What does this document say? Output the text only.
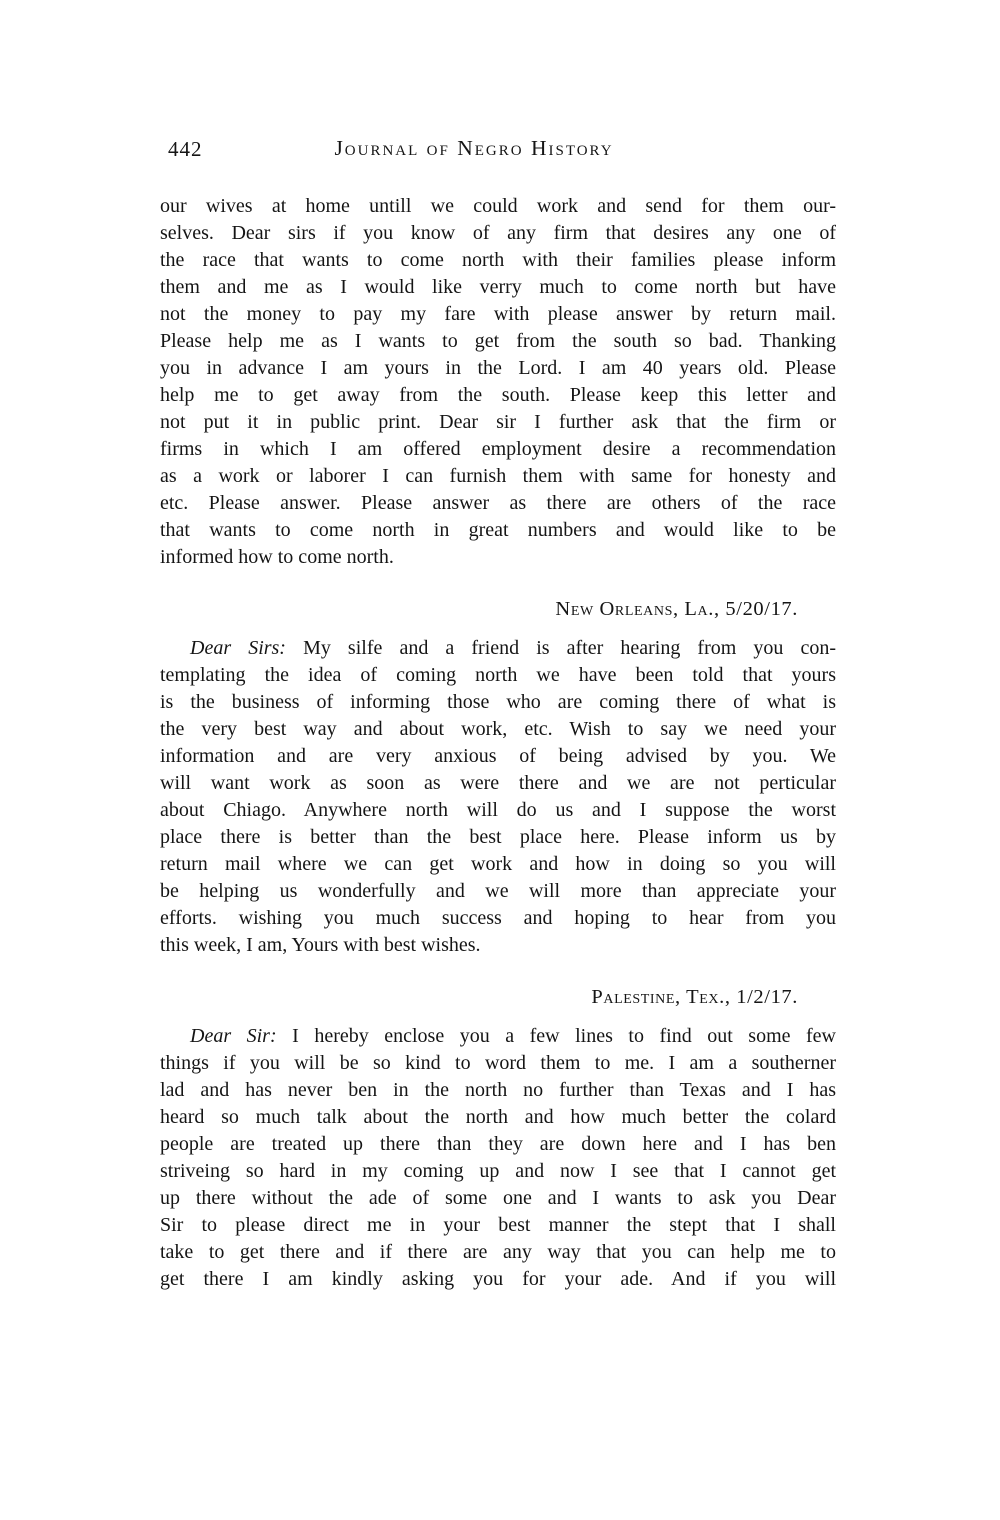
442	Journal of Negro History
our wives at home untill we could work and send for them our-
selves. Dear sirs if you know of any firm that desires any one of
the race that wants to come north with their families please inform
them and me as I would like verry much to come north but have
not the money to pay my fare with please answer by return mail.
Please help me as I wants to get from the south so bad. Thanking
you in advance I am yours in the Lord. I am 40 years old. Please
help me to get away from the south. Please keep this letter and
not put it in public print. Dear sir I further ask that the firm or
firms in which I am offered employment desire a recommendation
as a work or laborer I can furnish them with same for honesty and
etc. Please answer. Please answer as there are others of the race
that wants to come north in great numbers and would like to be
informed how to come north.
New Orleans, La., 5/20/17.
Dear Sirs: My silfe and a friend is after hearing from you con-
templating the idea of coming north we have been told that yours
is the business of informing those who are coming there of what is
the very best way and about work, etc. Wish to say we need your
information and are very anxious of being advised by you. We
will want work as soon as were there and we are not perticular
about Chiago. Anywhere north will do us and I suppose the worst
place there is better than the best place here. Please inform us by
return mail where we can get work and how in doing so you will
be helping us wonderfully and we will more than appreciate your
efforts. wishing you much success and hoping to hear from you
this week, I am, Yours with best wishes.
Palestine, Tex., 1/2/17.
Dear Sir: I hereby enclose you a few lines to find out some few
things if you will be so kind to word them to me. I am a southerner
lad and has never ben in the north no further than Texas and I has
heard so much talk about the north and how much better the colard
people are treated up there than they are down here and I has ben
striveing so hard in my coming up and now I see that I cannot get
up there without the ade of some one and I wants to ask you Dear
Sir to please direct me in your best manner the stept that I shall
take to get there and if there are any way that you can help me to
get there I am kindly asking you for your ade. And if you will
